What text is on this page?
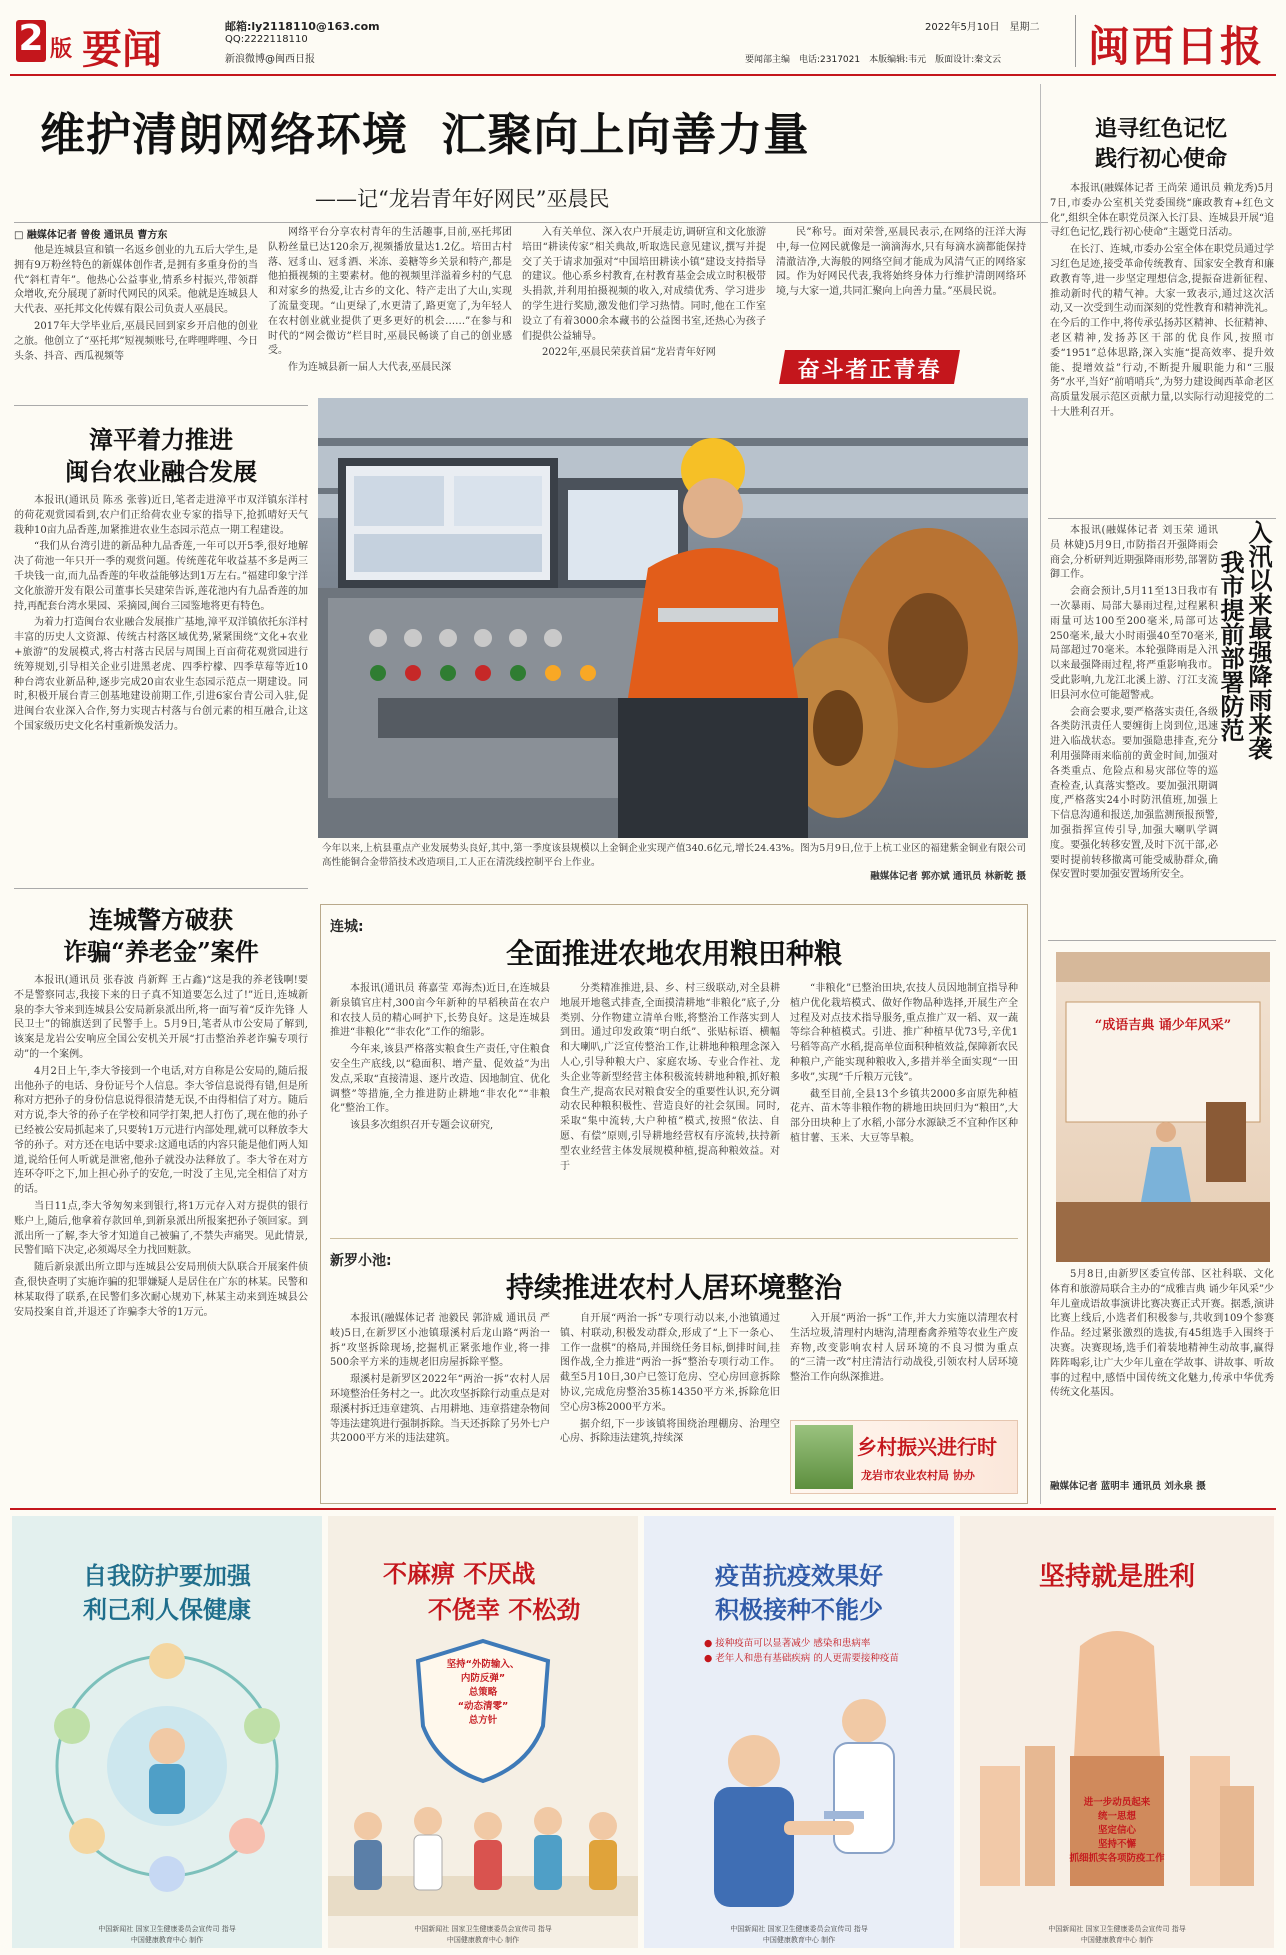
2 版 要闻
邮箱:ly2118110@163.com
QQ:2222118110
新浪微博@闽西日报
2022年5月10日　星期二
要闻部主编　电话:2317021　本版编辑:韦元　版面设计:秦文云 闽西日报
维护清朗网络环境  汇聚向上向善力量
——记“龙岩青年好网民”巫晨民
□ 融媒体记者 曾俊 通讯员 曹方东

他是连城县宣和镇一名返乡创业的九五后大学生,是拥有9万粉丝特色的新媒体创作者,是拥有多重身份的当代“斜杠青年”。他热心公益事业,情系乡村振兴,带领群众增收,充分展现了新时代网民的风采。他就是连城县人大代表、巫托邦文化传媒有限公司负责人巫晨民。

2017年大学毕业后,巫晨民回到家乡开启他的创业之旅。他创立了“巫托邦”短视频账号,在哔哩哔哩、今日头条、抖音、西瓜视频等

网络平台分享农村青年的生活趣事,目前,巫托邦团队粉丝量已达120余万,视频播放量达1.2亿。培田古村落、冠豸山、冠豸酒、米冻、姜糖等乡关景和特产,都是他拍摄视频的主要素材。他的视频里洋溢着乡村的气息和对家乡的热爱,让古乡的文化、特产走出了大山,实现了流量变现。“山更绿了,水更清了,路更宽了,为年轻人在农村创业就业提供了更多更好的机会……”在参与和时代的“网会微访”栏目时,巫晨民畅谈了自己的创业感受。

作为连城县新一届人大代表,巫晨民深

入有关单位、深入农户开展走访,调研宣和文化旅游培田“耕读传家”相关典故,听取选民意见建议,撰写并提交了关于请求加强对“中国培田耕读小镇”建设支持指导的建议。他心系乡村教育,在村教育基金会成立时积极带头捐款,并利用拍摄视频的收入,对成绩优秀、学习进步的学生进行奖励,激发他们学习热情。同时,他在工作室设立了有着3000余本藏书的公益图书室,还热心为孩子们提供公益辅导。

2022年,巫晨民荣获首届“龙岩青年好网

民”称号。面对荣誉,巫晨民表示,在网络的汪洋大海中,每一位网民就像是一滴滴海水,只有每滴水滴都能保持清澈洁净,大海般的网络空间才能成为风清气正的网络家园。作为好网民代表,我将始终身体力行维护清朗网络环境,与大家一道,共同汇聚向上向善力量。”巫晨民说。

奋斗者正青春
今年以来,上杭县重点产业发展势头良好,其中,第一季度该县规模以上金铜企业实现产值340.6亿元,增长24.43%。图为5月9日,位于上杭工业区的福建紫金铜业有限公司高性能铜合金带箔技术改造项目,工人正在清洗线控制平台上作业。
融媒体记者 郭亦斌 通讯员 林新乾 摄
漳平着力推进
闽台农业融合发展

本报讯(通讯员 陈丞 张蓉)近日,笔者走进漳平市双洋镇东洋村的荷花观赏园看到,农户们正给荷农业专家的指导下,抢抓晴好天气栽种10亩九品香莲,加紧推进农业生态园示范点一期工程建设。

“我们从台湾引进的新品种九品香莲,一年可以开5季,很好地解决了荷池一年只开一季的观赏问题。传统莲花年收益基不多是两三千块钱一亩,而九品香莲的年收益能够达到1万左右。”福建印象宁洋文化旅游开发有限公司董事长吴建荣告诉,莲花池内有九品香莲的加持,再配套台湾水果园、采摘园,闽台三园鉴地将更有特色。

为着力打造闽台农业融合发展推广基地,漳平双洋镇依托东洋村丰富的历史人文资源、传统古村落区域优势,紧紧围绕“文化+农业+旅游”的发展模式,将古村落古民居与周围上百亩荷花观赏园进行统筹规划,引导相关企业引进黑老虎、四季柠檬、四季草莓等近10种台湾农业新品种,逐步完成20亩农业生态园示范点一期建设。同时,积极开展台青三创基地建设前期工作,引进6家台青公司入驻,促进闽台农业深入合作,努力实现古村落与台创元素的相互融合,让这个国家级历史文化名村重新焕发活力。

连城警方破获
诈骗“养老金”案件

本报讯(通讯员 张春波 肖新辉 王占鑫)“这是我的养老钱啊!要不是警察同志,我接下来的日子真不知道要怎么过了!”近日,连城新泉的李大爷来到连城县公安局新泉派出所,将一面写着“反诈先锋 人民卫士”的锦旗送到了民警手上。5月9日,笔者从市公安局了解到,该案是龙岩公安响应全国公安机关开展“打击整治养老诈骗专项行动”的一个案例。

4月2日上午,李大爷接到一个电话,对方自称是公安局的,随后报出他孙子的电话、身份证号个人信息。李大爷信息说得有错,但是所称对方把孙子的身份信息说得很清楚无误,不由得相信了对方。随后对方说,李大爷的孙子在学校和同学打架,把人打伤了,现在他的孙子已经被公安局抓起来了,只要转1万元进行内部处理,就可以释放李大爷的孙子。对方还在电话中要求:这通电话的内容只能是他们两人知道,说给任何人听就是泄密,他孙子就没办法释放了。李大爷在对方连环夺吓之下,加上担心孙子的安危,一时没了主见,完全相信了对方的话。

当日11点,李大爷匆匆来到银行,将1万元存入对方提供的银行账户上,随后,他拿着存款回单,到新泉派出所报案把孙子领回家。到派出所一了解,李大爷才知道自己被骗了,不禁失声痛哭。见此情景,民警们暗下决定,必须竭尽全力找回赃款。

随后新泉派出所立即与连城县公安局刑侦大队联合开展案件侦查,很快查明了实施诈骗的犯罪嫌疑人是居住在广东的林某。民警和林某取得了联系,在民警们多次耐心规劝下,林某主动来到连城县公安局投案自首,并退还了诈骗李大爷的1万元。

追寻红色记忆
践行初心使命

本报讯(融媒体记者 王尚荣 通讯员 赖龙秀)5月7日,市委办公室机关党委围绕“廉政教育+红色文化”,组织全体在职党员深入长汀县、连城县开展“追寻红色记忆,践行初心使命”主题党日活动。

在长汀、连城,市委办公室全体在职党员通过学习红色足迹,接受革命传统教育、国家安全教育和廉政教育等,进一步坚定理想信念,提振奋进新征程、推动新时代的精气神。大家一致表示,通过这次活动,又一次受到生动而深刻的党性教育和精神洗礼。在今后的工作中,将传承弘扬苏区精神、长征精神、老区精神,发扬苏区干部的优良作风,按照市委“1951”总体思路,深入实施“提高效率、提升效能、提增效益”行动,不断提升履职能力和“三服务”水平,当好“前哨哨兵”,为努力建设闽西革命老区高质量发展示范区贡献力量,以实际行动迎接党的二十大胜利召开。

本报讯(融媒体记者 刘玉荣 通讯员 林婕)5月9日,市防指召开强降雨会商会,分析研判近期强降雨形势,部署防御工作。

会商会预计,5月11至13日我市有一次暴雨、局部大暴雨过程,过程累积雨量可达100至200毫米,局部可达250毫米,最大小时雨强40至70毫米,局部超过70毫米。本轮强降雨是入汛以来最强降雨过程,将严重影响我市。受此影响,九龙江北溪上游、汀江支流旧县河水位可能超警戒。

会商会要求,要严格落实责任,各级各类防汛责任人要缠街上岗到位,迅速进入临战状态。要加强隐患排查,充分利用强降雨来临前的黄金时间,加强对各类重点、危险点和易灾部位等的巡查检查,认真落实整改。要加强汛期调度,严格落实24小时防汛值班,加强上下信息沟通和报送,加强监测预报预警,加强指挥宣传引导,加强大喇叭学调度。要强化转移安置,及时下沉干部,必要时提前转移撤离可能受威胁群众,确保安置时要加强安置场所安全。

入汛以来最强降雨来袭
我市提前部署防范
“成语吉典 诵少年风采”

5月8日,由新罗区委宣传部、区社科联、文化体育和旅游局联合主办的“成雅吉典 诵少年风采”少年儿童成语故事演讲比赛决赛正式开赛。据悉,演讲比赛上线后,小选者们积极参与,共收到109个参赛作品。经过紧张激烈的选拔,有45组选手入围终于决赛。决赛现场,选手们着装地精神生动故事,赢得阵阵喝彩,让广大少年儿童在学故事、讲故事、听故事的过程中,感悟中国传统文化魅力,传承中华优秀传统文化基因。

融媒体记者 蓝明丰 通讯员 刘永泉 摄
连城:
全面推进农地农用粮田种粮

本报讯(通讯员 蒋嘉莹 邓海杰)近日,在连城县新泉镇官庄村,300亩今年新种的早稻秧苗在农户和农技人员的精心呵护下,长势良好。这是连城县推进“非粮化”“非农化”工作的缩影。

今年来,该县严格落实粮食生产责任,守住粮食安全生产底线,以“稳面积、增产量、促效益”为出发点,采取“直接清退、逐片改造、因地制宜、优化调整”等措施,全力推进防止耕地“非农化”“非粮化”整治工作。

该县多次组织召开专题会议研究,

分类精准推进,县、乡、村三级联动,对全县耕地展开地毯式排查,全面摸清耕地“非粮化”底子,分类别、分作物建立清单台账,将整治工作落实到人到田。通过印发政策“明白纸”、张贴标语、横幅和大喇叭,广泛宣传整治工作,让耕地种粮理念深入人心,引导种粮大户、家庭农场、专业合作社、龙头企业等新型经营主体积极流转耕地种粮,抓好粮食生产,提高农民对粮食安全的重要性认识,充分调动农民种粮积极性、营造良好的社会氛围。同时,采取“集中流转,大户种植”模式,按照“依法、自愿、有偿”原则,引导耕地经营权有序流转,扶持新型农业经营主体发展规模种植,提高种粮效益。对于

“非粮化”已整治田块,农技人员因地制宜指导种植户优化栽培模式、做好作物品种选择,开展生产全过程及对点技术指导服务,重点推广双一稻、双一蔬等综合种植模式。引进、推广种植早优73号,辛优1号稻等高产水稻,提高单位面积种植效益,保障新农民种粮户,产能实现种粮收入,多措并举全面实现“一田多收”,实现“千斤粮万元钱”。

截至目前,全县13个乡镇共2000多亩原先种植花卉、苗木等非粮作物的耕地田块回归为“粮田”,大部分田块种上了水稻,小部分水源缺乏不宜种作区种植甘薯、玉米、大豆等旱粮。

新罗小池:
持续推进农村人居环境整治

本报讯(融媒体记者 池毅民 郭浒威 通讯员 严岐)5日,在新罗区小池镇璟溪村后龙山路“两治一拆”攻坚拆除现场,挖掘机正紧张地作业,将一排500余平方米的违规老旧房屋拆除平整。

璟溪村是新罗区2022年“两治一拆”农村人居环境整治任务村之一。此次攻坚拆除行动重点是对璟溪村拆迁违章建筑、占用耕地、违章搭建杂物间等违法建筑进行强制拆除。当天还拆除了另外七户共2000平方米的违法建筑。

自开展“两治一拆”专项行动以来,小池镇通过镇、村联动,积极发动群众,形成了“上下一条心、工作一盘棋”的格局,并围绕任务目标,倒排时间,挂图作战,全力推进“两治一拆”整治专项行动工作。截至5月10日,30户已签订危房、空心房回意拆除协议,完成危房整治35栋14350平方米,拆除危旧空心房3栋2000平方米。

据介绍,下一步该镇将围绕治理棚房、治理空心房、拆除违法建筑,持续深

入开展“两治一拆”工作,并大力实施以清理农村生活垃圾,清理村内塘沟,清理畜禽养殖等农业生产废弃物,改变影响农村人居环境的不良习惯为重点的“三清一改”村庄清洁行动战役,引领农村人居环境整治工作向纵深推进。

乡村振兴进行时
龙岩市农业农村局 协办
自我防护要加强
利己利人保健康
中国新闻社 国家卫生健康委员会宣传司 指导
中国健康教育中心 制作
不麻痹 不厌战
不侥幸 不松劲
坚持“外防输入、
内防反弹”
总策略
“动态清零”
总方针
中国新闻社 国家卫生健康委员会宣传司 指导
中国健康教育中心 制作
疫苗抗疫效果好
积极接种不能少
● 接种疫苗可以显著减少 感染和患病率
● 老年人和患有基础疾病 的人更需要接种疫苗
中国新闻社 国家卫生健康委员会宣传司 指导
中国健康教育中心 制作
坚持就是胜利
进一步动员起来
统一思想
坚定信心
坚持不懈
抓细抓实各项防疫工作
中国新闻社 国家卫生健康委员会宣传司 指导
中国健康教育中心 制作
